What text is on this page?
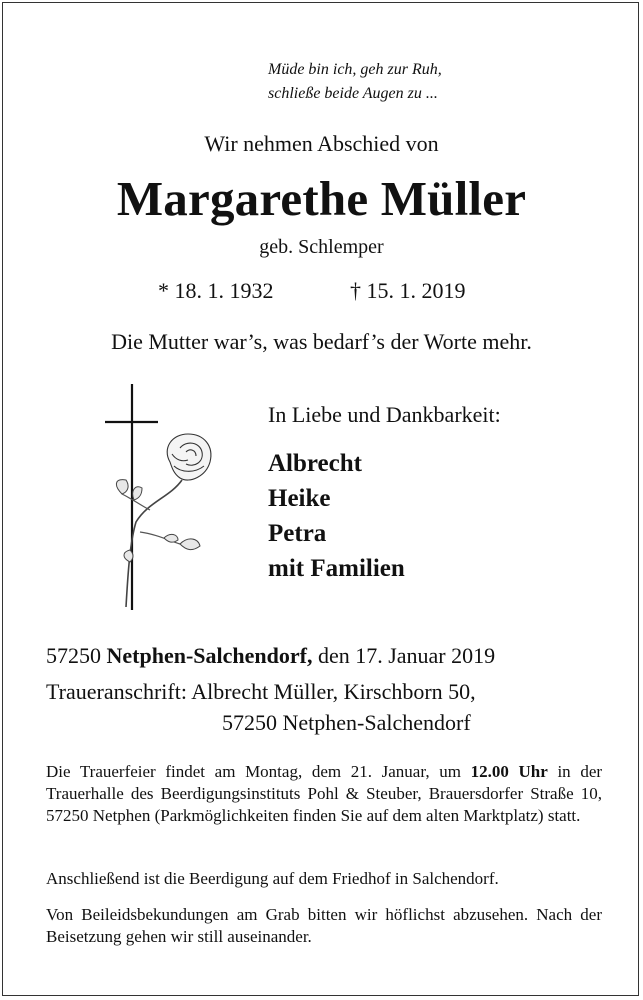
Müde bin ich, geh zur Ruh,
schließe beide Augen zu ...
Wir nehmen Abschied von
Margarethe Müller
geb. Schlemper
* 18. 1. 1932	† 15. 1. 2019
Die Mutter war’s, was bedarf’s der Worte mehr.
In Liebe und Dankbarkeit:
Albrecht
Heike
Petra
mit Familien
57250 Netphen-Salchendorf, den 17. Januar 2019
Traueranschrift: Albrecht Müller, Kirschborn 50,
57250 Netphen-Salchendorf
Die Trauerfeier findet am Montag, dem 21. Januar, um 12.00 Uhr in der Trauerhalle des Beerdigungsinstituts Pohl & Steuber, Brauersdorfer Straße 10, 57250 Netphen (Parkmöglichkeiten finden Sie auf dem alten Marktplatz) statt.
Anschließend ist die Beerdigung auf dem Friedhof in Salchendorf.
Von Beileidsbekundungen am Grab bitten wir höflichst abzusehen. Nach der Beisetzung gehen wir still auseinander.
